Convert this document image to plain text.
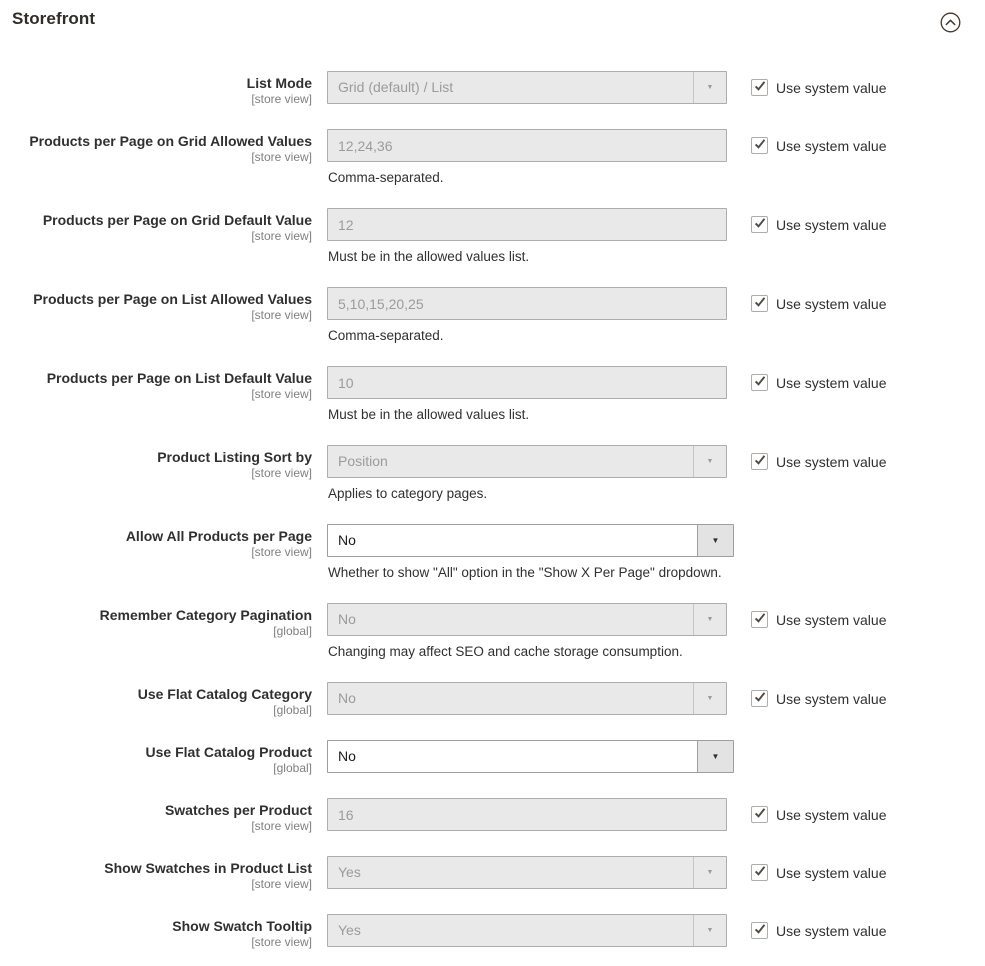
Storefront
List Mode
[store view]
Grid (default) / List	▼	Use system value
Products per Page on Grid Allowed Values
[store view]
12,24,36

Comma-separated.

Use system value
Products per Page on Grid Default Value
[store view]
12

Must be in the allowed values list.

Use system value
Products per Page on List Allowed Values
[store view]
5,10,15,20,25

Comma-separated.

Use system value
Products per Page on List Default Value
[store view]
10

Must be in the allowed values list.

Use system value
Product Listing Sort by
[store view]
Position	▼

Applies to category pages.

Use system value
Allow All Products per Page
[store view]
No	▼

Whether to show "All" option in the "Show X Per Page" dropdown.

Remember Category Pagination
[global]
No	▼

Changing may affect SEO and cache storage consumption.

Use system value
Use Flat Catalog Category
[global]
No	▼	Use system value
Use Flat Catalog Product
[global]
No	▼
Swatches per Product
[store view]
16
Use system value
Show Swatches in Product List
[store view]
Yes	▼	Use system value
Show Swatch Tooltip
[store view]
Yes	▼	Use system value
